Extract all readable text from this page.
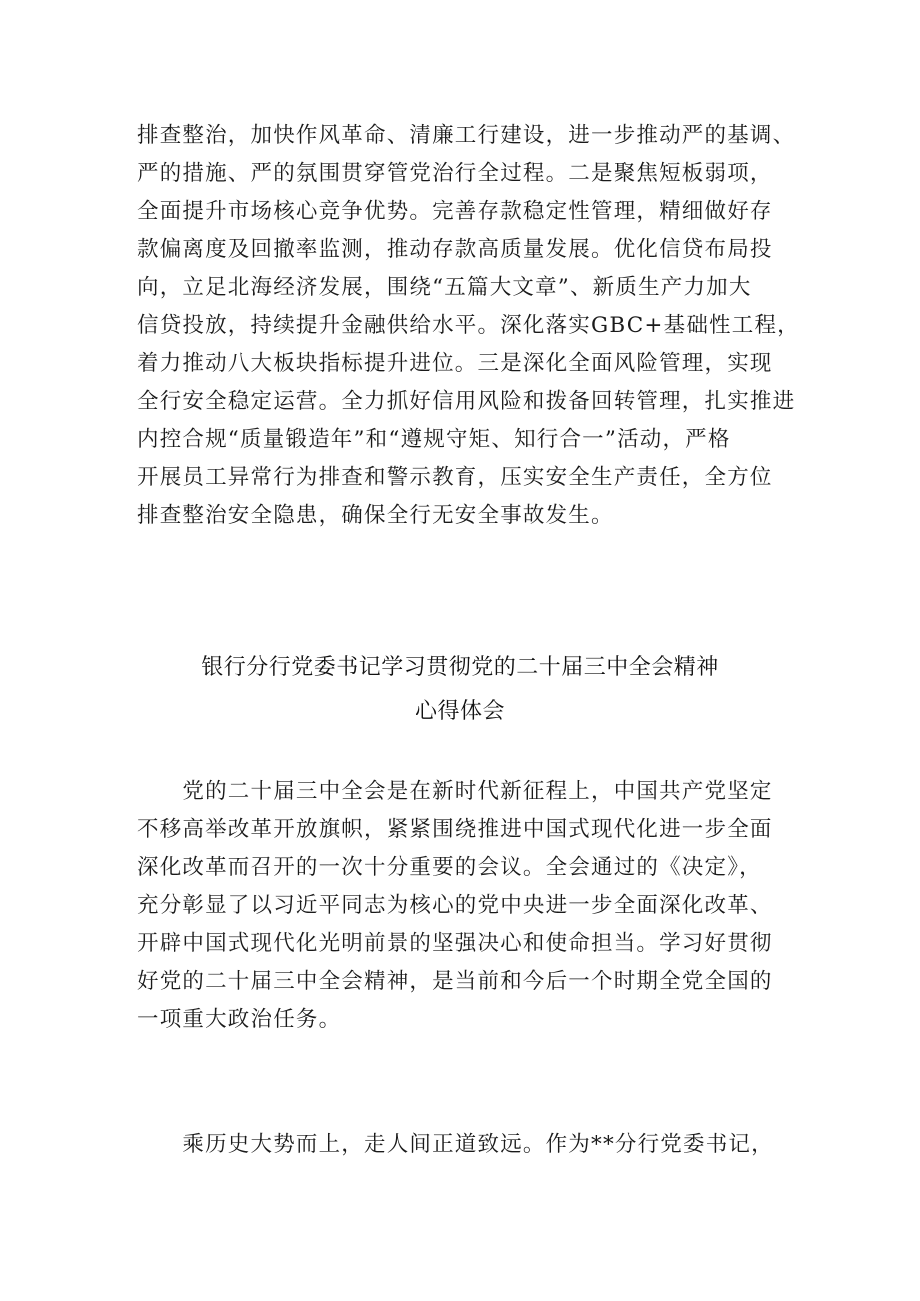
排查整治，加快作风革命、清廉工行建设，进一步推动严的基调、
严的措施、严的氛围贯穿管党治行全过程。二是聚焦短板弱项，
全面提升市场核心竞争优势。完善存款稳定性管理，精细做好存
款偏离度及回撤率监测，推动存款高质量发展。优化信贷布局投
向，立足北海经济发展，围绕“五篇大文章”、新质生产力加大
信贷投放，持续提升金融供给水平。深化落实GBC+基础性工程，
着力推动八大板块指标提升进位。三是深化全面风险管理，实现
全行安全稳定运营。全力抓好信用风险和拨备回转管理，扎实推进
内控合规“质量锻造年”和“遵规守矩、知行合一”活动，严格
开展员工异常行为排查和警示教育，压实安全生产责任，全方位
排查整治安全隐患，确保全行无安全事故发生。
银行分行党委书记学习贯彻党的二十届三中全会精神
心得体会
　　党的二十届三中全会是在新时代新征程上，中国共产党坚定
不移高举改革开放旗帜，紧紧围绕推进中国式现代化进一步全面
深化改革而召开的一次十分重要的会议。全会通过的《决定》，
充分彰显了以习近平同志为核心的党中央进一步全面深化改革、
开辟中国式现代化光明前景的坚强决心和使命担当。学习好贯彻
好党的二十届三中全会精神，是当前和今后一个时期全党全国的
一项重大政治任务。
　　乘历史大势而上，走人间正道致远。作为**分行党委书记，
